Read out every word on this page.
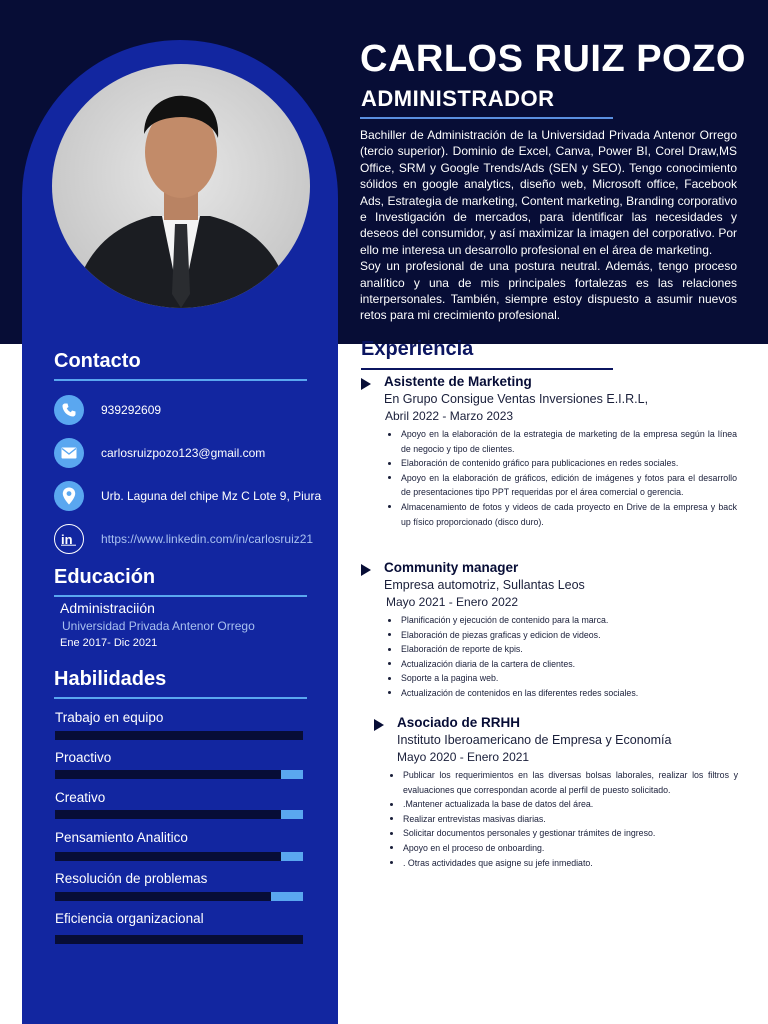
CARLOS RUIZ POZO
ADMINISTRADOR

Bachiller de Administración de la Universidad Privada Antenor Orrego (tercio superior). Dominio de Excel, Canva, Power BI, Corel Draw,MS Office, SRM y Google Trends/Ads (SEN y SEO). Tengo conocimiento sólidos en google analytics, diseño web, Microsoft office, Facebook Ads, Estrategia de marketing, Content marketing, Branding corporativo e Investigación de mercados, para identificar las necesidades y deseos del consumidor, y así maximizar la imagen del corporativo. Por ello me interesa un desarrollo profesional en el área de marketing.
Soy un profesional de una postura neutral. Además, tengo proceso analítico y una de mis principales fortalezas es las relaciones interpersonales. También, siempre estoy dispuesto a asumir nuevos retos para mi crecimiento profesional.

Contacto
939292609
carlosruizpozo123@gmail.com
Urb. Laguna del chipe Mz C Lote 9, Piura
in https://www.linkedin.com/in/carlosruiz21
Educación

Administraciión

Universidad Privada Antenor Orrego

Ene 2017- Dic 2021

Habilidades

Trabajo en equipo

Proactivo

Creativo

Pensamiento Analitico

Resolución de problemas

Eficiencia organizacional

Experiencia

Asistente de Marketing

En Grupo Consigue Ventas Inversiones E.I.R.L,

Abril 2022 - Marzo 2023

Apoyo en la elaboración de la estrategia de marketing de la empresa según la línea de negocio y tipo de clientes.
Elaboración de contenido gráfico para publicaciones en redes sociales.
Apoyo en la elaboración de gráficos, edición de imágenes y fotos para el desarrollo de presentaciones tipo PPT requeridas por el área comercial o gerencia.
Almacenamiento de fotos y videos de cada proyecto en Drive de la empresa y back up físico proporcionado (disco duro).

Community manager

Empresa automotriz, Sullantas Leos

Mayo 2021 - Enero 2022

Planificación y ejecución de contenido para la marca.
Elaboración de piezas graficas y edicion de videos.
Elaboración de reporte de kpis.
Actualización diaria de la cartera de clientes.
Soporte a la pagina web.
Actualización de contenidos en las diferentes redes sociales.

Asociado de RRHH

Instituto Iberoamericano de Empresa y Economía

Mayo 2020 - Enero 2021

Publicar los requerimientos en las diversas bolsas laborales, realizar los filtros y evaluaciones que correspondan acorde al perfil de puesto solicitado.
.Mantener actualizada la base de datos del área.
Realizar entrevistas masivas diarias.
Solicitar documentos personales y gestionar trámites de ingreso.
Apoyo en el proceso de onboarding.
. Otras actividades que asigne su jefe inmediato.
